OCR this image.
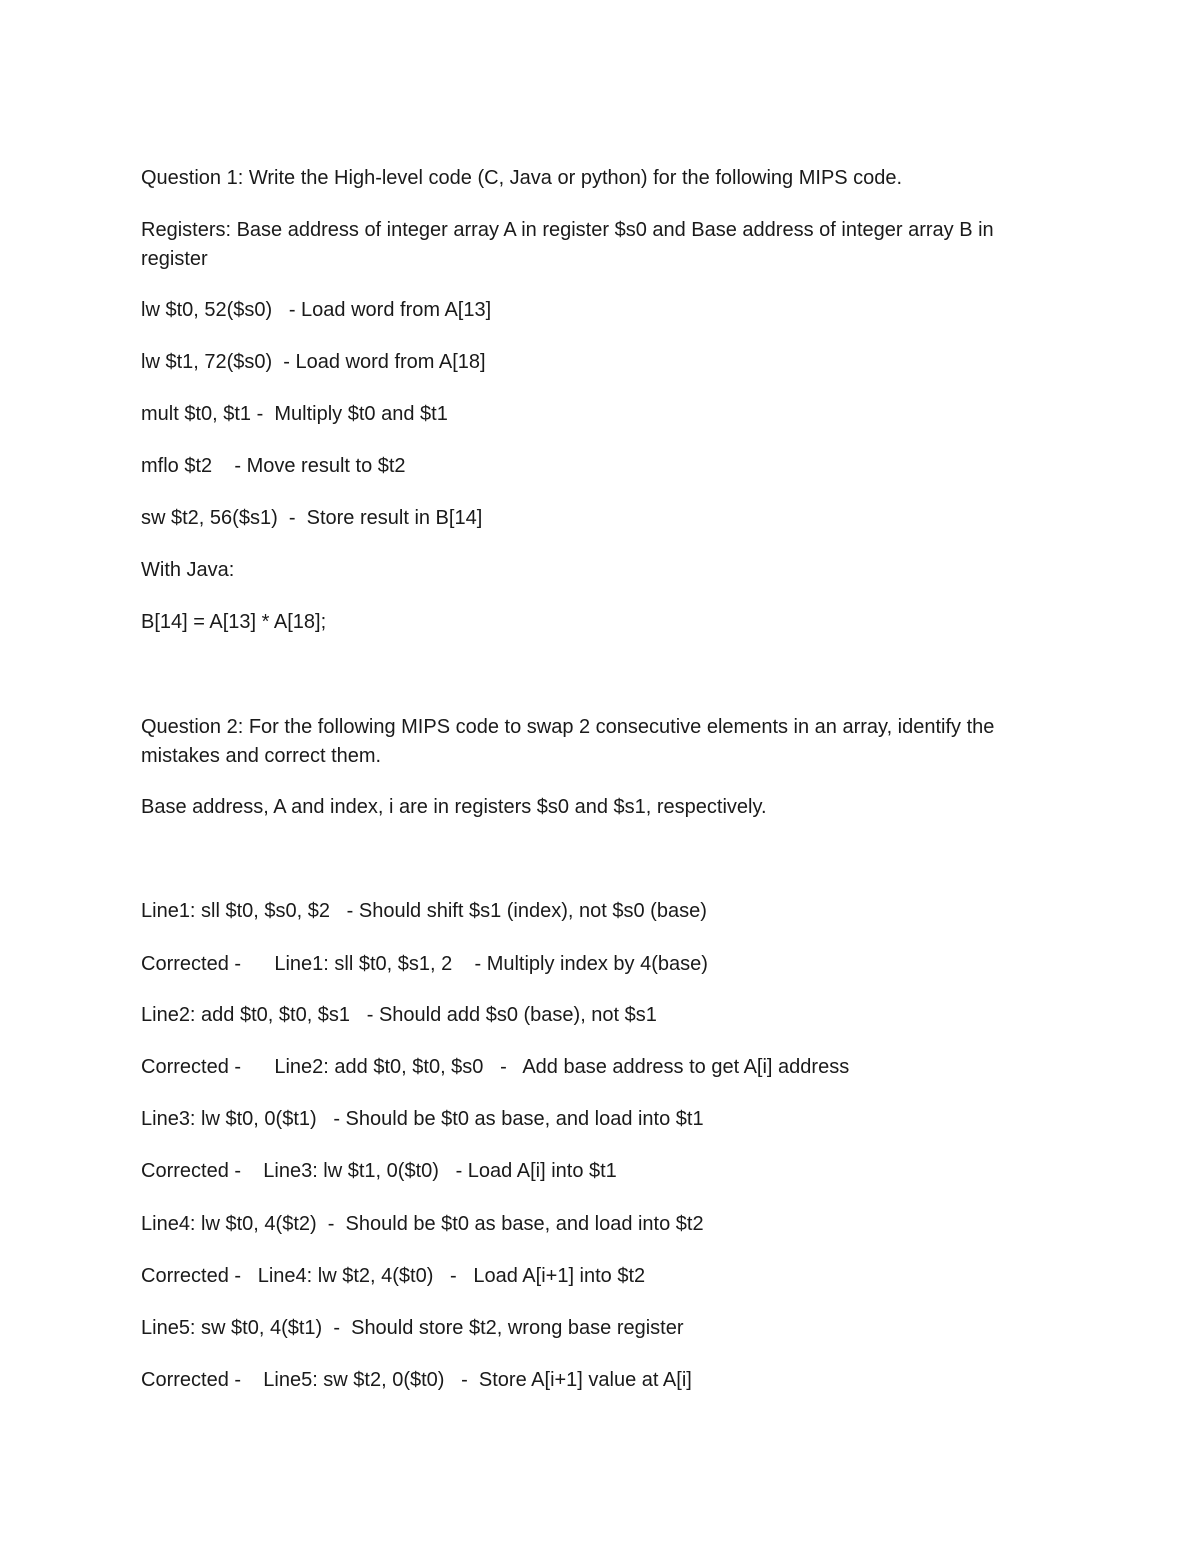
Question 1: Write the High-level code (C, Java or python) for the following MIPS code.

Registers: Base address of integer array A in register $s0 and Base address of integer array B in register

lw $t0, 52($s0)   - Load word from A[13]

lw $t1, 72($s0)  - Load word from A[18]

mult $t0, $t1 -  Multiply $t0 and $t1

mflo $t2    - Move result to $t2

sw $t2, 56($s1)  -  Store result in B[14]

With Java:

B[14] = A[13] * A[18];

Question 2: For the following MIPS code to swap 2 consecutive elements in an array, identify the mistakes and correct them.

Base address, A and index, i are in registers $s0 and $s1, respectively.

Line1: sll $t0, $s0, $2   - Should shift $s1 (index), not $s0 (base)

Corrected -      Line1: sll $t0, $s1, 2    - Multiply index by 4(base)

Line2: add $t0, $t0, $s1   - Should add $s0 (base), not $s1

Corrected -      Line2: add $t0, $t0, $s0   -   Add base address to get A[i] address

Line3: lw $t0, 0($t1)   - Should be $t0 as base, and load into $t1

Corrected -    Line3: lw $t1, 0($t0)   - Load A[i] into $t1

Line4: lw $t0, 4($t2)  -  Should be $t0 as base, and load into $t2

Corrected -   Line4: lw $t2, 4($t0)   -   Load A[i+1] into $t2

Line5: sw $t0, 4($t1)  -  Should store $t2, wrong base register

Corrected -    Line5: sw $t2, 0($t0)   -  Store A[i+1] value at A[i]
